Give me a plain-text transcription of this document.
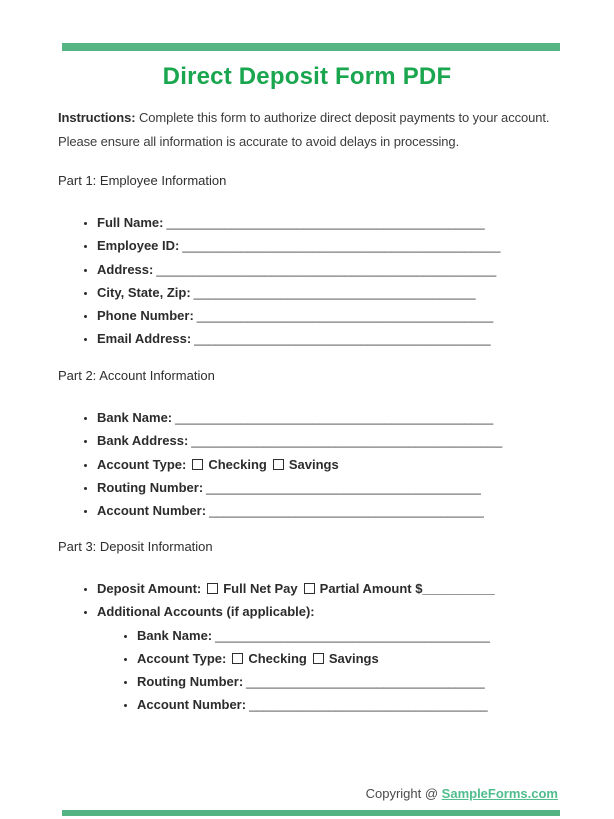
Direct Deposit Form PDF

Instructions: Complete this form to authorize direct deposit payments to your account.
Please ensure all information is accurate to avoid delays in processing.

Part 1: Employee Information
• Full Name: ____________________________________________
• Employee ID: ____________________________________________
• Address: _______________________________________________
• City, State, Zip: _______________________________________
• Phone Number: _________________________________________
• Email Address: _________________________________________
Part 2: Account Information
• Bank Name: ____________________________________________
• Bank Address: ___________________________________________
• Account Type: Checking Savings
• Routing Number: ______________________________________
• Account Number: ______________________________________
Part 3: Deposit Information
• Deposit Amount: Full Net Pay Partial Amount $__________
• Additional Accounts (if applicable):
• Bank Name: ______________________________________
• Account Type: Checking Savings
• Routing Number: _________________________________
• Account Number: _________________________________
Copyright @ SampleForms.com
